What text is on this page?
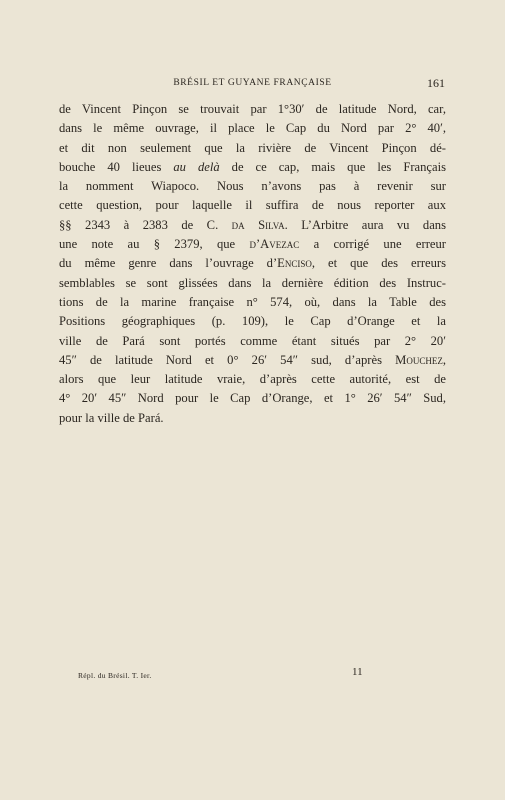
BRÉSIL ET GUYANE FRANÇAISE	161
de Vincent Pinçon se trouvait par 1°30′ de latitude Nord, car,
dans le même ouvrage, il place le Cap du Nord par 2° 40′,
et dit non seulement que la rivière de Vincent Pinçon dé-
bouche 40 lieues au delà de ce cap, mais que les Français
la nomment Wiapoco. Nous n’avons pas à revenir sur
cette question, pour laquelle il suffira de nous reporter aux
§§ 2343 à 2383 de C. da Silva. L’Arbitre aura vu dans
une note au § 2379, que d’Avezac a corrigé une erreur
du même genre dans l’ouvrage d’Enciso, et que des erreurs
semblables se sont glissées dans la dernière édition des Instruc-
tions de la marine française n° 574, où, dans la Table des
Positions géographiques (p. 109), le Cap d’Orange et la
ville de Pará sont portés comme étant situés par 2° 20′
45″ de latitude Nord et 0° 26′ 54″ sud, d’après Mouchez,
alors que leur latitude vraie, d’après cette autorité, est de
4° 20′ 45″ Nord pour le Cap d’Orange, et 1° 26′ 54″ Sud,
pour la ville de Pará.
Répl. du Brésil. T. Ier.	11
